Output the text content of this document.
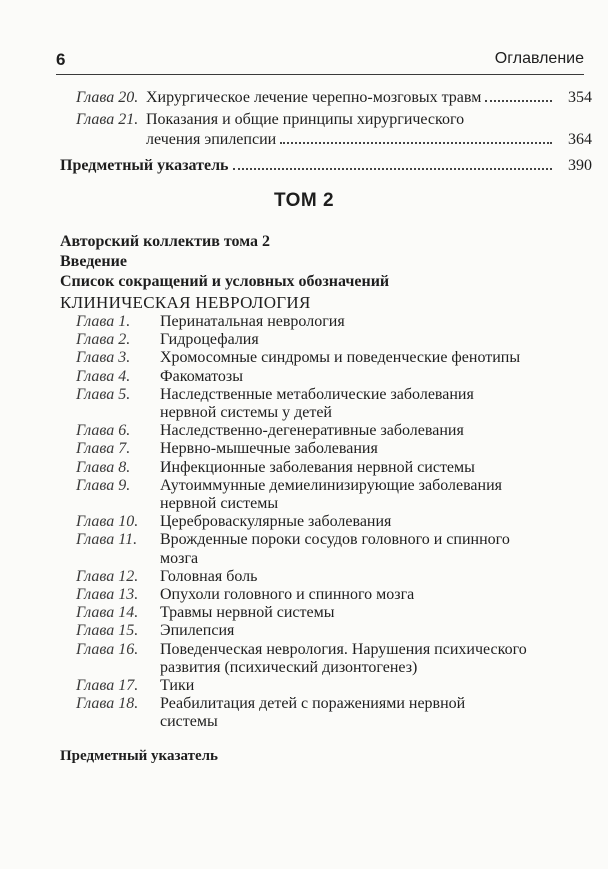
6	Оглавление
Глава 20. Хирургическое лечение черепно-мозговых травм	354
Глава 21. Показания и общие принципы хирургического
лечения эпилепсии	364
Предметный указатель	390
ТОМ 2
Авторский коллектив тома 2
Введение
Список сокращений и условных обозначений
КЛИНИЧЕСКАЯ НЕВРОЛОГИЯ
Глава 1.	Перинатальная неврология
Глава 2.	Гидроцефалия
Глава 3.	Хромосомные синдромы и поведенческие фенотипы
Глава 4.	Факоматозы
Глава 5.	Наследственные метаболические заболевания
нервной системы у детей
Глава 6.	Наследственно-дегенеративные заболевания
Глава 7.	Нервно-мышечные заболевания
Глава 8.	Инфекционные заболевания нервной системы
Глава 9.	Аутоиммунные демиелинизирующие заболевания
нервной системы
Глава 10.	Цереброваскулярные заболевания
Глава 11.	Врожденные пороки сосудов головного и спинного
мозга
Глава 12.	Головная боль
Глава 13.	Опухоли головного и спинного мозга
Глава 14.	Травмы нервной системы
Глава 15.	Эпилепсия
Глава 16.	Поведенческая неврология. Нарушения психического
развития (психический дизонтогенез)
Глава 17.	Тики
Глава 18.	Реабилитация детей с поражениями нервной
системы
Предметный указатель
